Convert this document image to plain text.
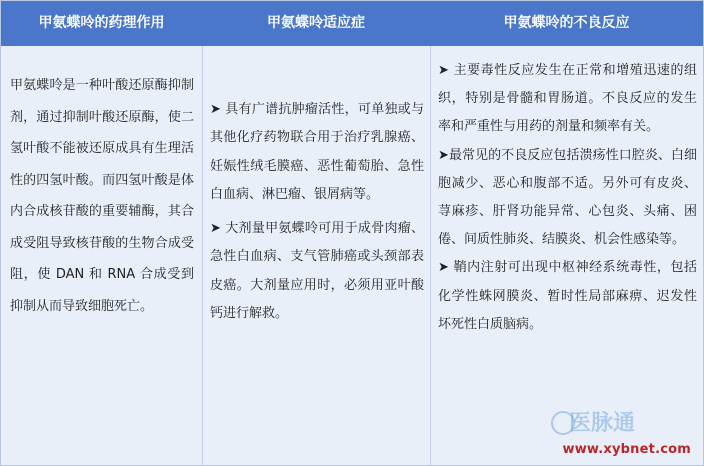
甲氨蝶呤的药理作用	甲氨蝶呤适应症	甲氨蝶呤的不良反应

甲氨蝶呤是一种叶酸还原酶抑制剂，通过抑制叶酸还原酶，使二氢叶酸不能被还原成具有生理活性的四氢叶酸。而四氢叶酸是体内合成核苷酸的重要辅酶，其合成受阻导致核苷酸的生物合成受阻，使 DAN 和 RNA 合成受到抑制从而导致细胞死亡。

➤ 具有广谱抗肿瘤活性，可单独或与其他化疗药物联合用于治疗乳腺癌、妊娠性绒毛膜癌、恶性葡萄胎、急性白血病、淋巴瘤、银屑病等。

➤ 大剂量甲氨蝶呤可用于成骨肉瘤、急性白血病、支气管肺癌或头颈部表皮癌。大剂量应用时，必须用亚叶酸钙进行解救。

➤ 主要毒性反应发生在正常和增殖迅速的组织，特别是骨髓和胃肠道。不良反应的发生率和严重性与用药的剂量和频率有关。

➤最常见的不良反应包括溃疡性口腔炎、白细胞减少、恶心和腹部不适。另外可有皮炎、荨麻疹、肝肾功能异常、心包炎、头痛、困倦、间质性肺炎、结膜炎、机会性感染等。

➤ 鞘内注射可出现中枢神经系统毒性，包括化学性蛛网膜炎、暂时性局部麻痹、迟发性坏死性白质脑病。

医脉通
www.xybnet.com
